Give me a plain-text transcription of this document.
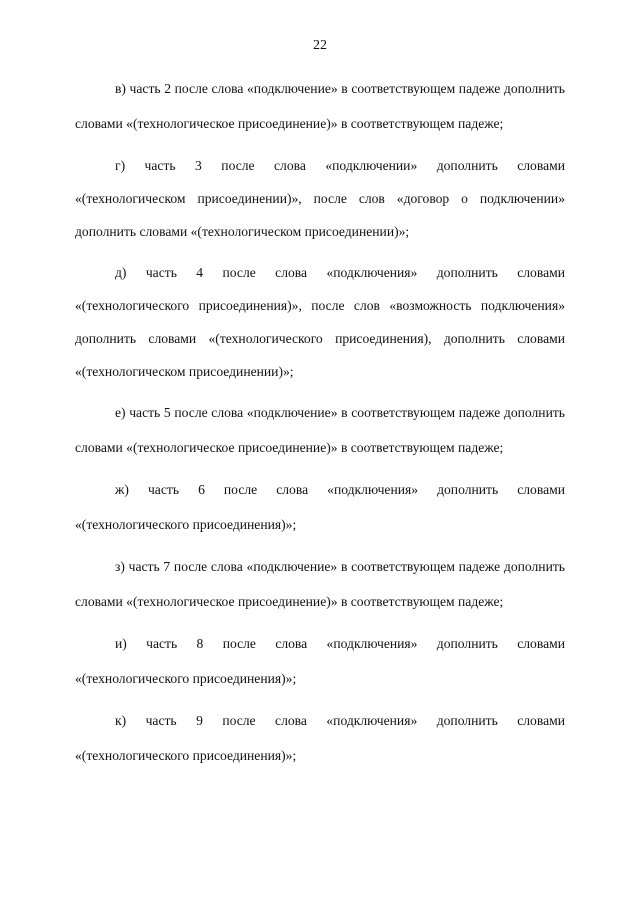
22

в) часть 2 после слова «подключение» в соответствующем падеже дополнить словами «(технологическое присоединение)» в соответствующем падеже;

г) часть 3 после слова «подключении» дополнить словами «(технологическом присоединении)», после слов «договор о подключении» дополнить словами «(технологическом присоединении)»;

д) часть 4 после слова «подключения» дополнить словами «(технологического присоединения)», после слов «возможность подключения» дополнить словами «(технологического присоединения), дополнить словами «(технологическом присоединении)»;

е) часть 5 после слова «подключение» в соответствующем падеже дополнить словами «(технологическое присоединение)» в соответствующем падеже;

ж) часть 6 после слова «подключения» дополнить словами «(технологического присоединения)»;

з) часть 7 после слова «подключение» в соответствующем падеже дополнить словами «(технологическое присоединение)» в соответствующем падеже;

и) часть 8 после слова «подключения» дополнить словами «(технологического присоединения)»;

к) часть 9 после слова «подключения» дополнить словами «(технологического присоединения)»;
